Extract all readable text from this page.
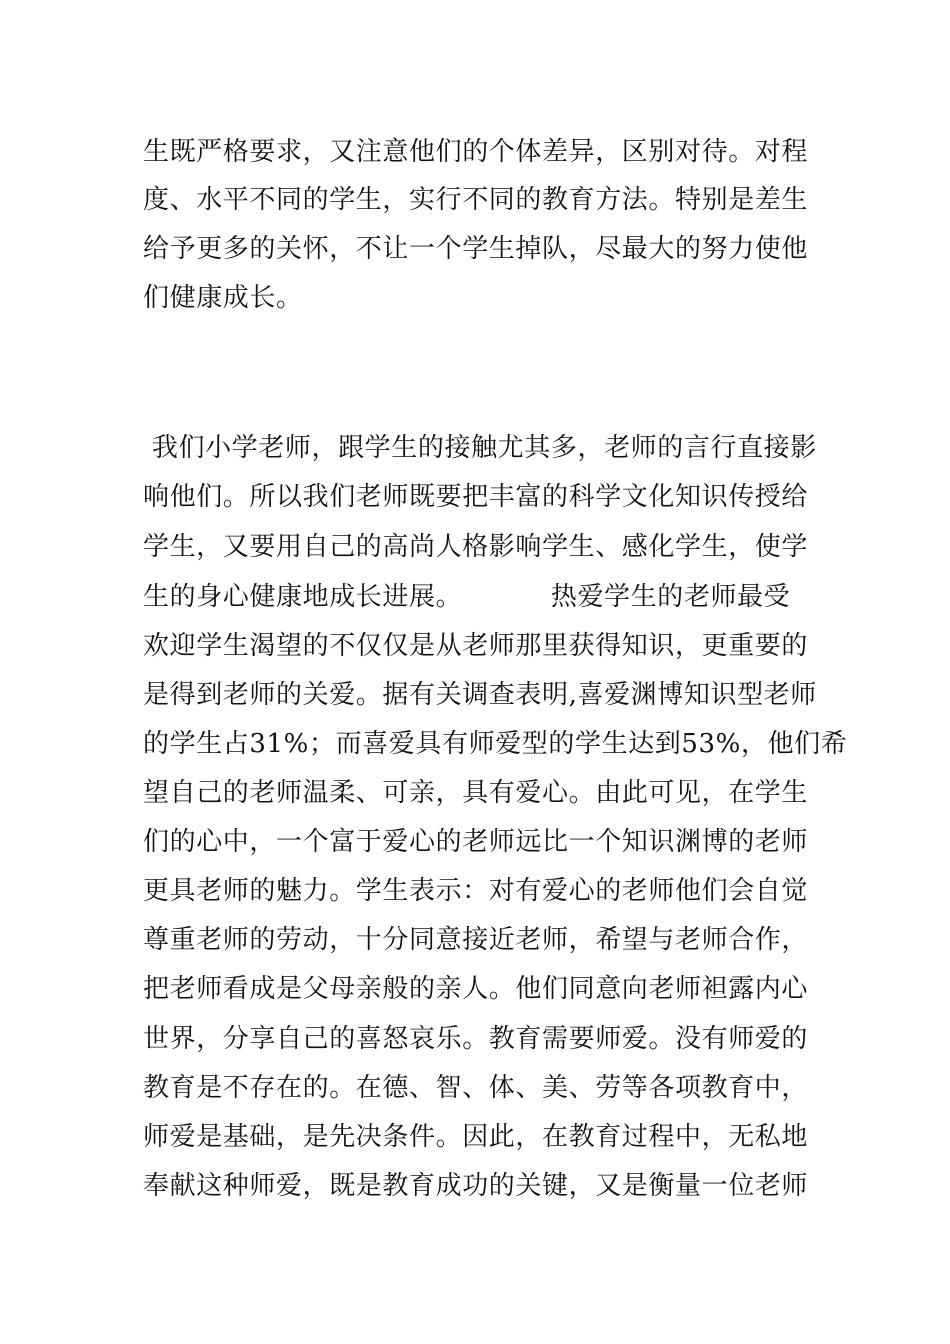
生既严格要求，又注意他们的个体差异，区别对待。对程
度、水平不同的学生，实行不同的教育方法。特别是差生
给予更多的关怀，不让一个学生掉队，尽最大的努力使他
们健康成长。
我们小学老师，跟学生的接触尤其多，老师的言行直接影
响他们。所以我们老师既要把丰富的科学文化知识传授给
学生，又要用自己的高尚人格影响学生、感化学生，使学
生的身心健康地成长进展。          热爱学生的老师最受
欢迎学生渴望的不仅仅是从老师那里获得知识，更重要的
是得到老师的关爱。据有关调查表明,喜爱渊博知识型老师
的学生占31%；而喜爱具有师爱型的学生达到53%，他们希
望自己的老师温柔、可亲，具有爱心。由此可见，在学生
们的心中，一个富于爱心的老师远比一个知识渊博的老师
更具老师的魅力。学生表示：对有爱心的老师他们会自觉
尊重老师的劳动，十分同意接近老师，希望与老师合作，
把老师看成是父母亲般的亲人。他们同意向老师袒露内心
世界，分享自己的喜怒哀乐。教育需要师爱。没有师爱的
教育是不存在的。在德、智、体、美、劳等各项教育中，
师爱是基础，是先决条件。因此，在教育过程中，无私地
奉献这种师爱，既是教育成功的关键，又是衡量一位老师
